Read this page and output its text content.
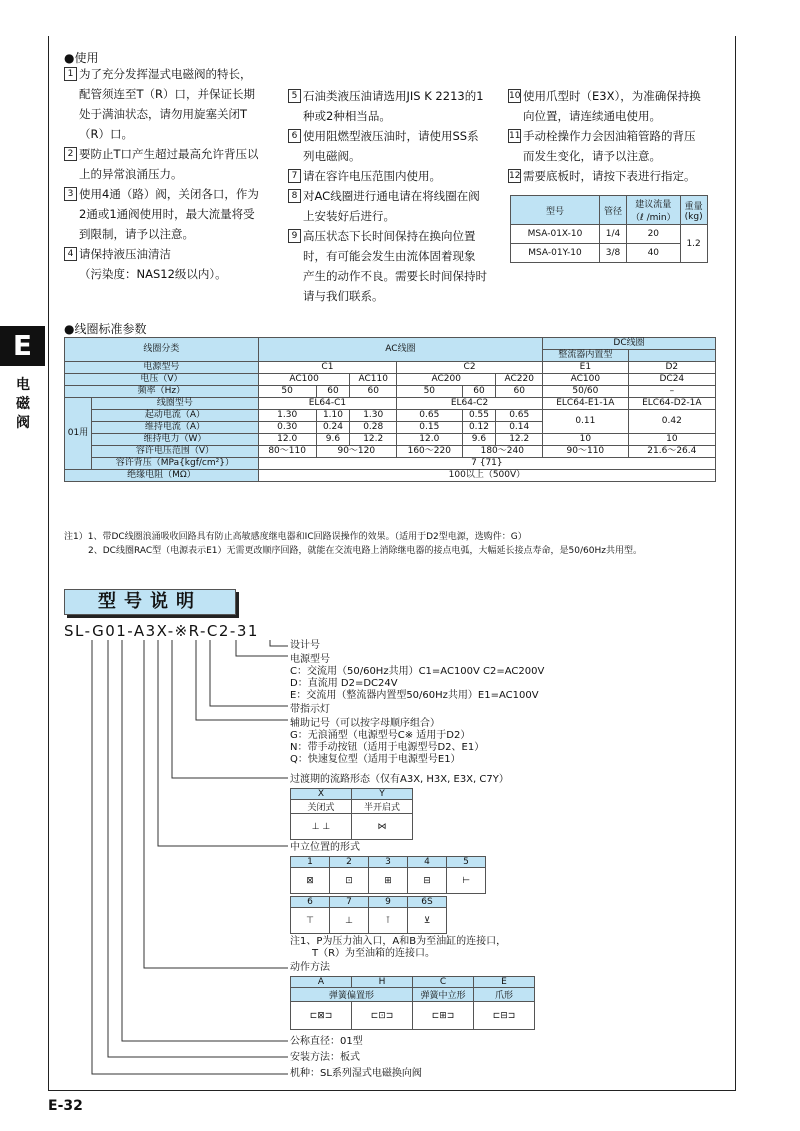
E
电磁阀
E-32
●使用
1 为了充分发挥湿式电磁阀的特长，
配管须连至T（R）口，并保证长期
处于满油状态，请勿用旋塞关闭T
（R）口。
2 要防止T口产生超过最高允许背压以
上的异常浪涌压力。
3 使用4通（路）阀，关闭各口，作为
2通或1通阀使用时，最大流量将受
到限制，请予以注意。
4 请保持液压油清洁
（污染度：NAS12级以内）。
5 石油类液压油请选用JIS K 2213的1
种或2种相当品。
6 使用阻燃型液压油时，请使用SS系
列电磁阀。
7 请在容许电压范围内使用。
8 对AC线圈进行通电请在将线圈在阀
上安装好后进行。
9 高压状态下长时间保持在换向位置
时，有可能会发生由流体固着现象
产生的动作不良。需要长时间保持时
请与我们联系。
10 使用爪型时（E3X），为准确保持换
向位置，请连续通电使用。
11 手动栓操作力会因油箱管路的背压
而发生变化，请予以注意。
12 需要底板时，请按下表进行指定。
型号	管径	建议流量
（ℓ /min）	重量
(kg)
MSA-01X-10	1/4	20	1.2
MSA-01Y-10	3/8	40	
●线圈标准参数
线圈分类		AC线圈						DC线圈	
								整流器内置型	
电源型号		C1			C2			E1	D2
电压（V）		AC100		AC110	AC200		AC220	AC100	DC24
频率（Hz）		50	60	60	50	60	60	50/60	–
01用	线圈型号	EL64-C1			EL64-C2			ELC64-E1-1A	ELC64-D2-1A
	起动电流（A）	1.30	1.10	1.30	0.65	0.55	0.65	0.11	0.42
	维持电流（A）	0.30	0.24	0.28	0.15	0.12	0.14		
	维持电力（W）	12.0	9.6	12.2	12.0	9.6	12.2	10	10
	容许电压范围（V）	80～110	90～120		160～220	180～240		90～110	21.6～26.4
	容许背压（MPa{kgf/cm²}）	7 {71}							
绝缘电阻（MΩ）		100以上（500V）							
注1）1、带DC线圈浪涌吸收回路具有防止高敏感度继电器和IC回路误操作的效果。（适用于D2型电源，选购件：G）
2、DC线圈RAC型（电源表示E1）无需更改顺序回路，就能在交流电路上消除继电器的接点电弧，大幅延长接点寿命，是50/60Hz共用型。
型号说明
SL-G01-A3X-※R-C2-31
设计号
电源型号
C：交流用（50/60Hz共用）C1=AC100V C2=AC200V
D：直流用 D2=DC24V
E：交流用（整流器内置型50/60Hz共用）E1=AC100V
带指示灯
辅助记号（可以按字母顺序组合）
G：无浪涌型（电源型号C※ 适用于D2）
N：带手动按钮（适用于电源型号D2、E1）
Q：快速复位型（适用于电源型号E1）
过渡期的流路形态（仅有A3X, H3X, E3X, C7Y）
X	Y
关闭式	半开启式
⊥ ⊥	⋈
中立位置的形式
1	2	3	4	5
⊠	⊡	⊞	⊟	⊢
6	7	9	6S
⊤	⊥	⊺	⊻
注1、P为压力油入口，A和B为至油缸的连接口，
T（R）为至油箱的连接口。
动作方法
A	H	C	E
弹簧偏置形		弹簧中立形	爪形
⊏⊠⊐	⊏⊡⊐	⊏⊞⊐	⊏⊟⊐
公称直径：01型
安装方法：板式
机种：SL系列湿式电磁换向阀
